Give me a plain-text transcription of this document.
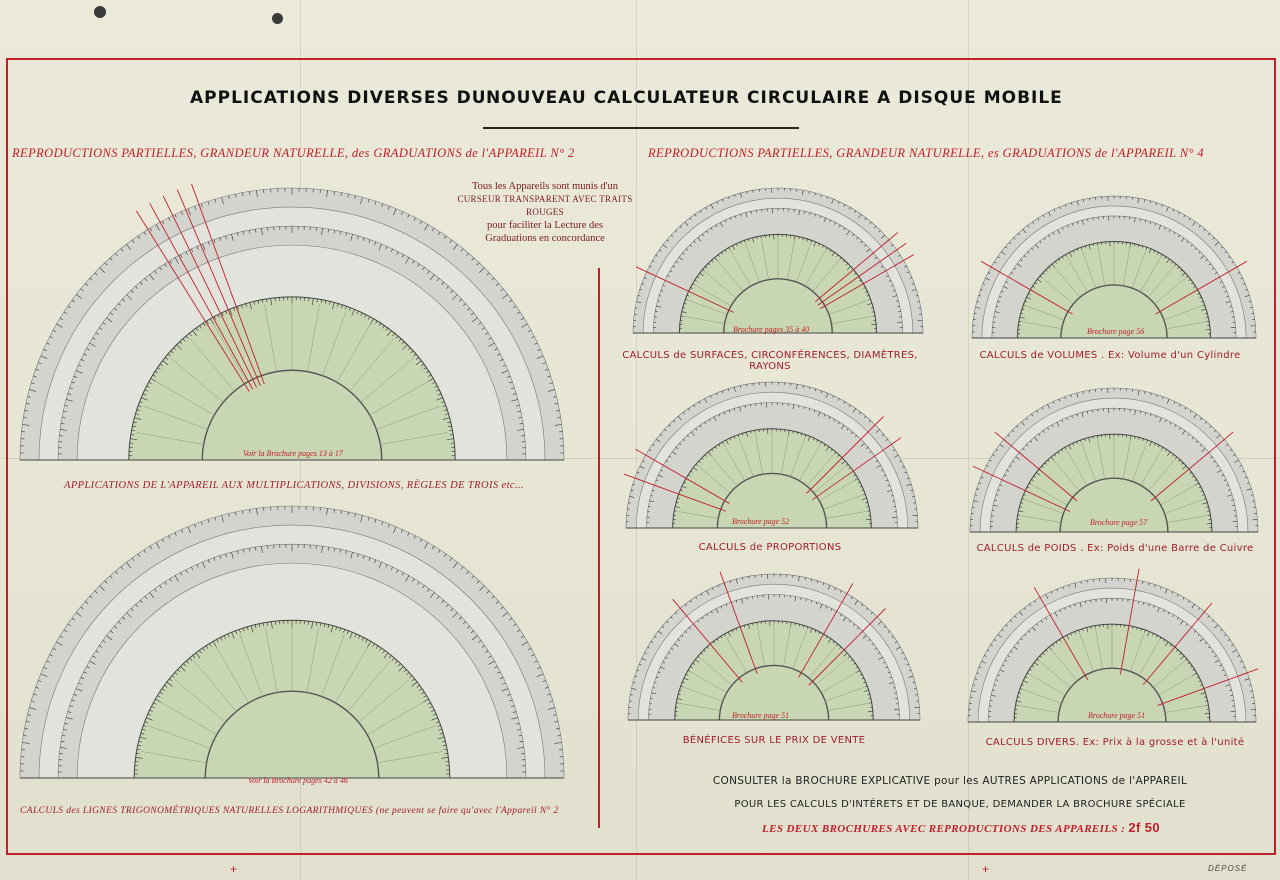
APPLICATIONS DIVERSES DU NOUVEAU CALCULATEUR CIRCULAIRE A DISQUE MOBILE
REPRODUCTIONS PARTIELLES, GRANDEUR NATURELLE, des GRADUATIONS de l'APPAREIL N° 2	REPRODUCTIONS PARTIELLES, GRANDEUR NATURELLE, es GRADUATIONS de l'APPAREIL N° 4
Tous les Appareils sont munis d'un
CURSEUR TRANSPARENT AVEC TRAITS ROUGES
pour faciliter la Lecture des
Graduations en concordance
Voir la Brochure pages 13 à 17
APPLICATIONS DE L'APPAREIL AUX MULTIPLICATIONS, DIVISIONS, RÈGLES DE TROIS etc...
Voir la Brochure pages 42 à 46
CALCULS des LIGNES TRIGONOMÉTRIQUES NATURELLES LOGARITHMIQUES (ne peuvent se faire qu'avec l'Appareil N° 2
Brochure pages 35 à 40
CALCULS de SURFACES, CIRCONFÉRENCES, DIAMÈTRES, RAYONS
Brochure page 56
CALCULS de VOLUMES . Ex: Volume d'un Cylindre
Brochure page 52
CALCULS de PROPORTIONS
Brochure page 57
CALCULS de POIDS . Ex: Poids d'une Barre de Cuivre
Brochure page 51
BÉNÉFICES SUR LE PRIX DE VENTE
Brochure page 51
CALCULS DIVERS. Ex: Prix à la grosse et à l'unité
CONSULTER la BROCHURE EXPLICATIVE pour les AUTRES APPLICATIONS de l'APPAREIL
POUR LES CALCULS D'INTÉRETS ET DE BANQUE, DEMANDER LA BROCHURE SPÉCIALE
LES DEUX BROCHURES AVEC REPRODUCTIONS DES APPAREILS : 2f 50
DÉPOSÉ
+	+
